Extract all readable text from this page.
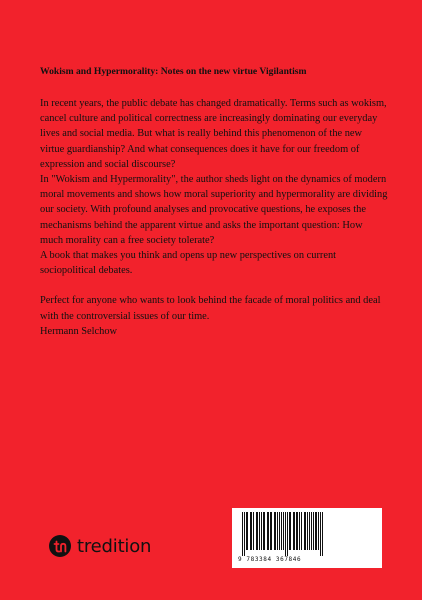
Wokism and Hypermorality: Notes on the new virtue Vigilantism

In recent years, the public debate has changed dramatically. Terms such as wokism, cancel culture and political correctness are increasingly dominating our everyday lives and social media. But what is really behind this phenomenon of the new virtue guardianship? And what consequences does it have for our freedom of expression and social discourse?

In "Wokism and Hypermorality", the author sheds light on the dynamics of modern moral movements and shows how moral superiority and hypermorality are dividing our society. With profound analyses and provocative questions, he exposes the mechanisms behind the apparent virtue and asks the important question: How much morality can a free society tolerate?

A book that makes you think and opens up new perspectives on current sociopolitical debates.

Perfect for anyone who wants to look behind the facade of moral politics and deal with the controversial issues of our time.

Hermann Selchow

tredition
9 783384 367846
